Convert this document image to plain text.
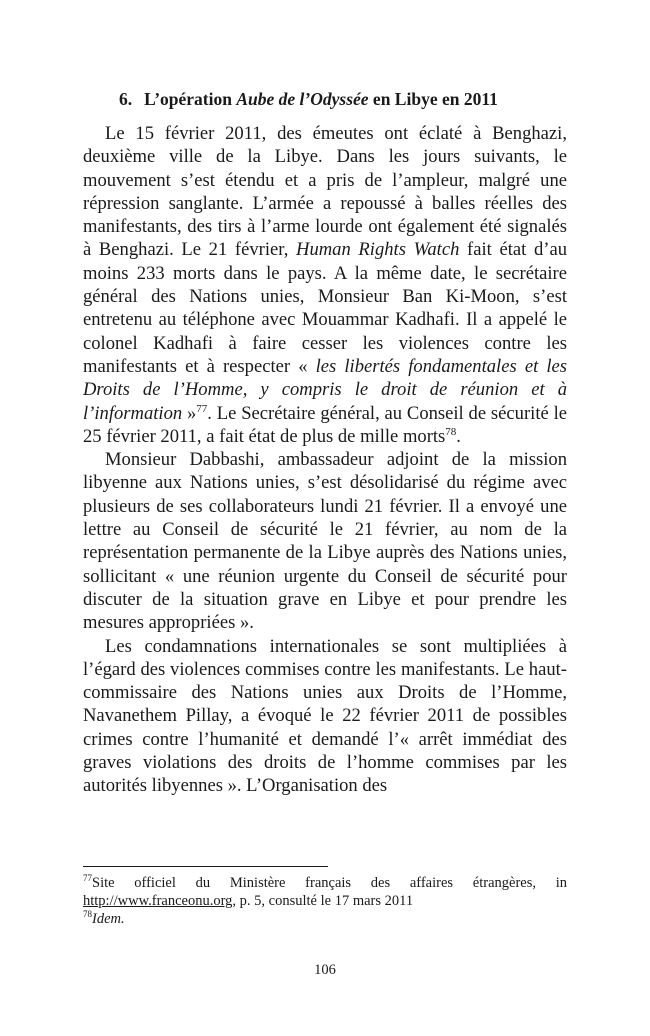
6. L’opération Aube de l’Odyssée en Libye en 2011

Le 15 février 2011, des émeutes ont éclaté à Benghazi, deuxième ville de la Libye. Dans les jours suivants, le mouvement s’est étendu et a pris de l’ampleur, malgré une répression sanglante. L’armée a repoussé à balles réelles des manifestants, des tirs à l’arme lourde ont également été signalés à Benghazi. Le 21 février, Human Rights Watch fait état d’au moins 233 morts dans le pays. A la même date, le secrétaire général des Nations unies, Monsieur Ban Ki-Moon, s’est entretenu au téléphone avec Mouammar Kadhafi. Il a appelé le colonel Kadhafi à faire cesser les violences contre les manifestants et à respecter « les libertés fondamentales et les Droits de l’Homme, y compris le droit de réunion et à l’information »$^{77}$. Le Secrétaire général, au Conseil de sécurité le 25 février 2011, a fait état de plus de mille morts$^{78}$.

Monsieur Dabbashi, ambassadeur adjoint de la mission libyenne aux Nations unies, s’est désolidarisé du régime avec plusieurs de ses collaborateurs lundi 21 février. Il a envoyé une lettre au Conseil de sécurité le 21 février, au nom de la représentation permanente de la Libye auprès des Nations unies, sollicitant « une réunion urgente du Conseil de sécurité pour discuter de la situation grave en Libye et pour prendre les mesures appropriées ».

Les condamnations internationales se sont multipliées à l’égard des violences commises contre les manifestants. Le haut-commissaire des Nations unies aux Droits de l’Homme, Navanethem Pillay, a évoqué le 22 février 2011 de possibles crimes contre l’humanité et demandé l’« arrêt immédiat des graves violations des droits de l’homme commises par les autorités libyennes ». L’Organisation des

$^{77}$Site officiel du Ministère français des affaires étrangères, in http://www.franceonu.org, p. 5, consulté le 17 mars 2011

$^{78}$Idem.

106
